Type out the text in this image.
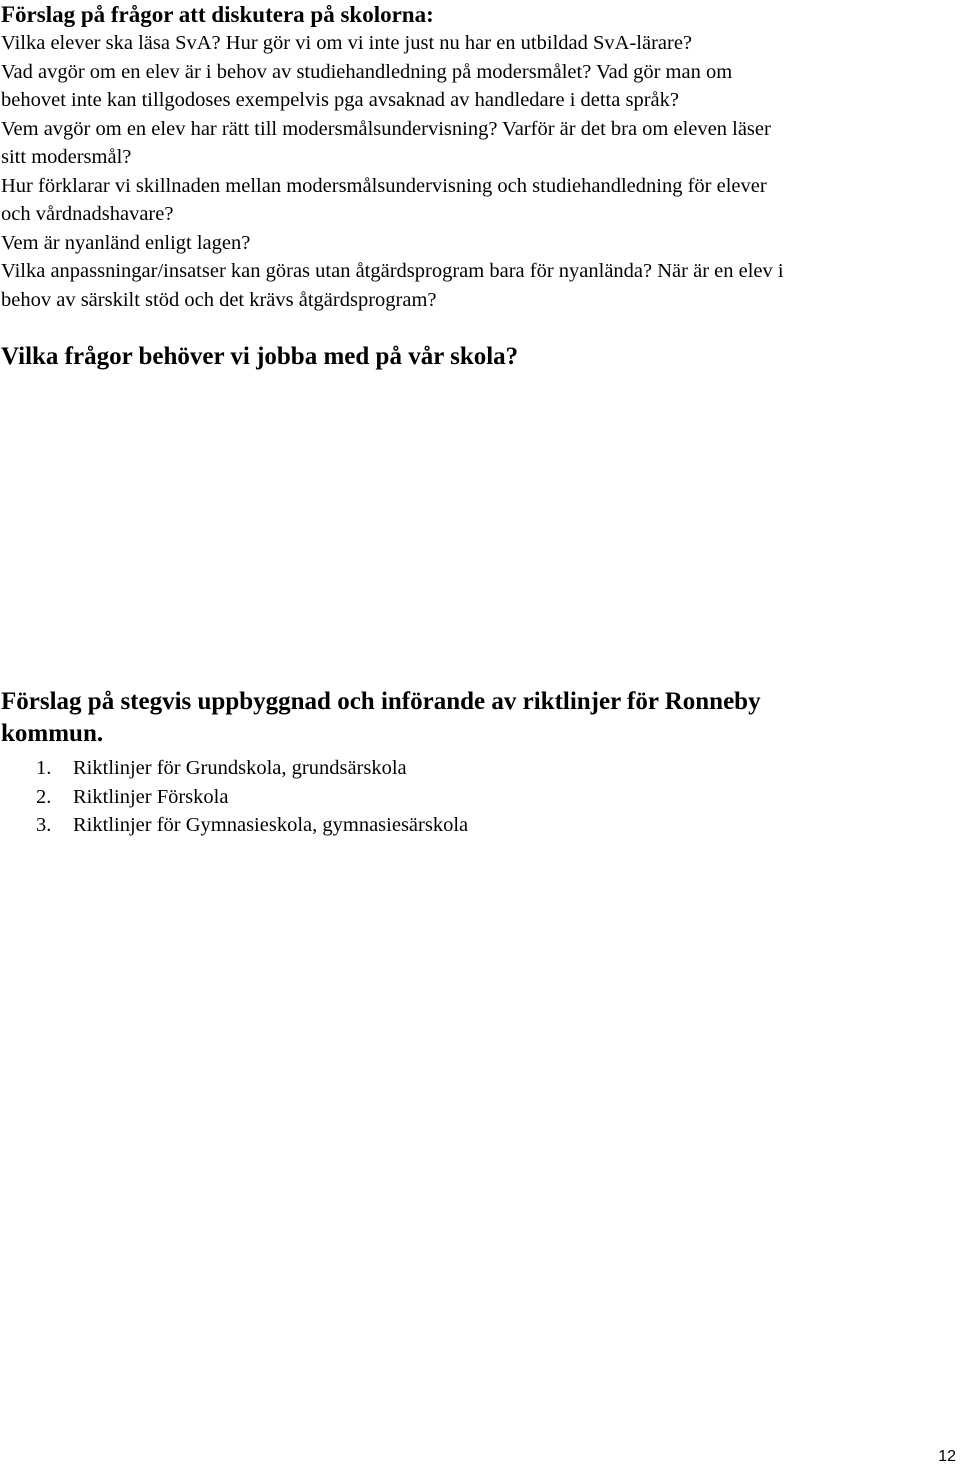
Förslag på frågor att diskutera på skolorna:

Vilka elever ska läsa SvA? Hur gör vi om vi inte just nu har en utbildad SvA-lärare?

Vad avgör om en elev är i behov av studiehandledning på modersmålet? Vad gör man om

behovet inte kan tillgodoses exempelvis pga avsaknad av handledare i detta språk?

Vem avgör om en elev har rätt till modersmålsundervisning? Varför är det bra om eleven läser

sitt modersmål?

Hur förklarar vi skillnaden mellan modersmålsundervisning och studiehandledning för elever

och vårdnadshavare?

Vem är nyanländ enligt lagen?

Vilka anpassningar/insatser kan göras utan åtgärdsprogram bara för nyanlända? När är en elev i

behov av särskilt stöd och det krävs åtgärdsprogram?

Vilka frågor behöver vi jobba med på vår skola?

Förslag på stegvis uppbyggnad och införande av riktlinjer för Ronneby

kommun.

1.	Riktlinjer för Grundskola, grundsärskola
2.	Riktlinjer Förskola
3.	Riktlinjer för Gymnasieskola, gymnasiesärskola
12
